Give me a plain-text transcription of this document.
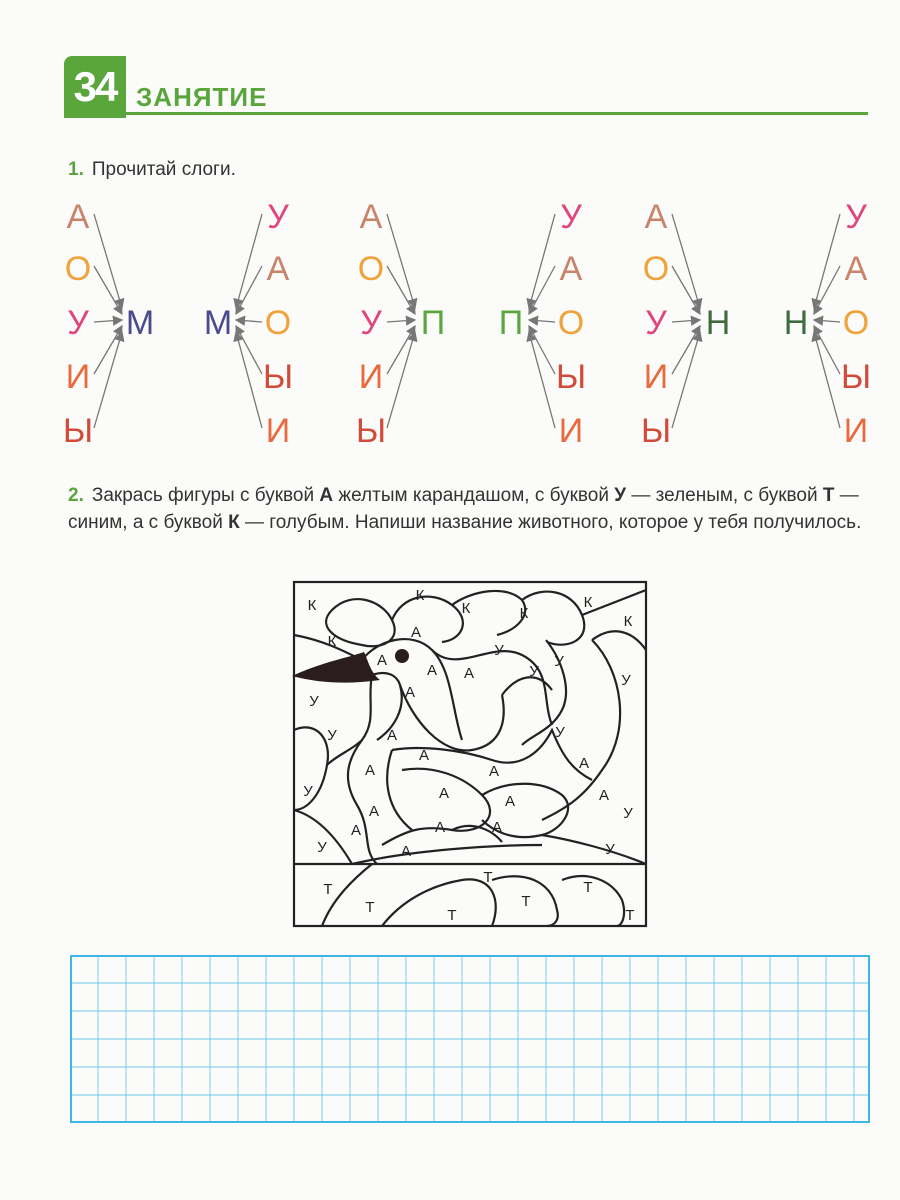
34 ЗАНЯТИЕ
1. Прочитай слоги.
М
А
О
У
И
Ы
М
У
А
О
Ы
И
П
А
О
У
И
Ы
П
У
А
О
Ы
И
Н
А
О
У
И
Ы
Н
У
А
О
Ы
И
2. Закрась фигуры с буквой А желтым карандашом, с буквой У — зеленым, с буквой Т — синим, а с буквой К — голубым. Напиши название животного, которое у тебя получилось.
К
К
К	К
К
К
К
А
А
А А
А
А
А
А	А
А	А
А
А	А
А
А
А
А
У
У
У
У
У
У	У
У
У
У	У
Т
Т	Т
Т
Т
Т
Т
